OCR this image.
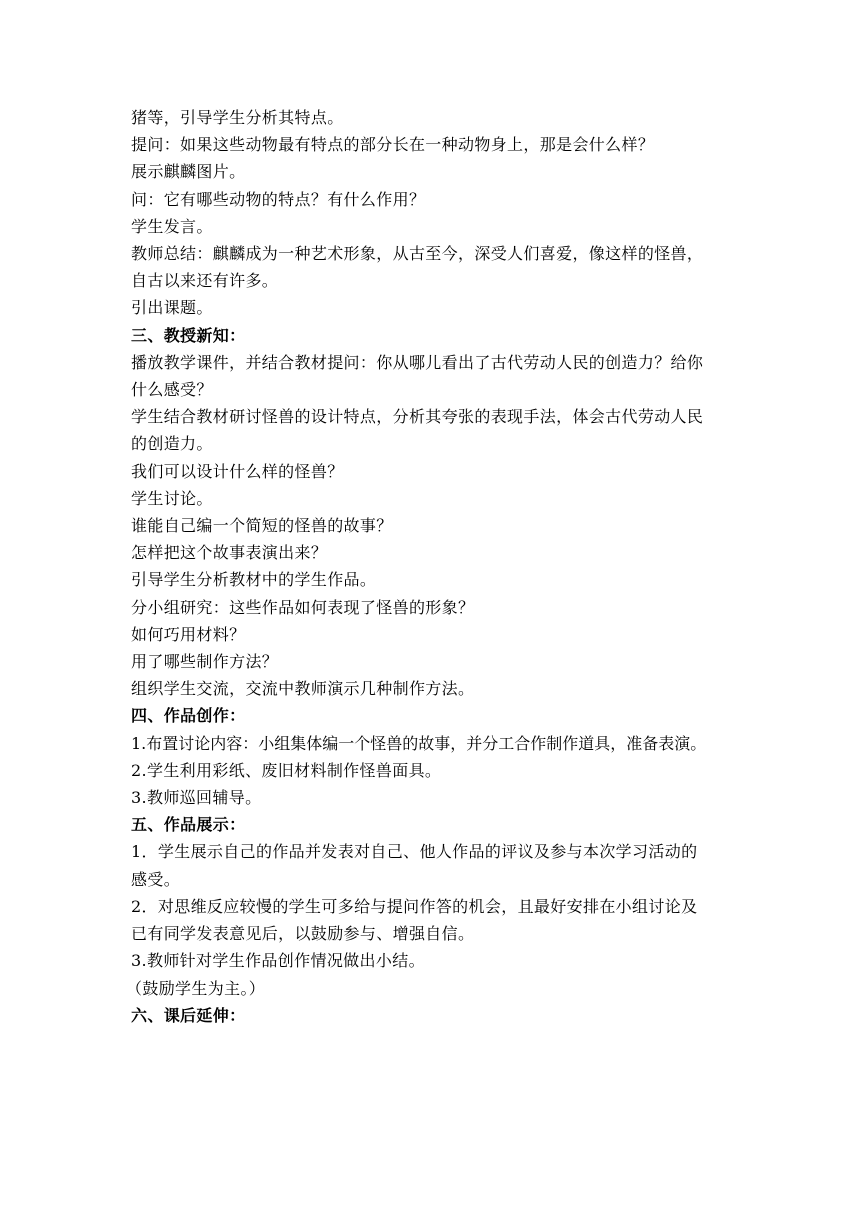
猪等，引导学生分析其特点。
提问：如果这些动物最有特点的部分长在一种动物身上，那是会什么样？
展示麒麟图片。
问：它有哪些动物的特点？有什么作用？
学生发言。
教师总结：麒麟成为一种艺术形象，从古至今，深受人们喜爱，像这样的怪兽，
自古以来还有许多。
引出课题。
三、教授新知：
播放教学课件，并结合教材提问：你从哪儿看出了古代劳动人民的创造力？给你
什么感受？
学生结合教材研讨怪兽的设计特点，分析其夸张的表现手法，体会古代劳动人民
的创造力。
我们可以设计什么样的怪兽？
学生讨论。
谁能自己编一个简短的怪兽的故事？
怎样把这个故事表演出来？
引导学生分析教材中的学生作品。
分小组研究：这些作品如何表现了怪兽的形象？
如何巧用材料？
用了哪些制作方法？
组织学生交流，交流中教师演示几种制作方法。
四、作品创作：
1.布置讨论内容：小组集体编一个怪兽的故事，并分工合作制作道具，准备表演。
2.学生利用彩纸、废旧材料制作怪兽面具。
3.教师巡回辅导。
五、作品展示：
1．学生展示自己的作品并发表对自己、他人作品的评议及参与本次学习活动的
感受。
2．对思维反应较慢的学生可多给与提问作答的机会，且最好安排在小组讨论及
已有同学发表意见后，以鼓励参与、增强自信。
3.教师针对学生作品创作情况做出小结。
（鼓励学生为主。）
六、课后延伸：
